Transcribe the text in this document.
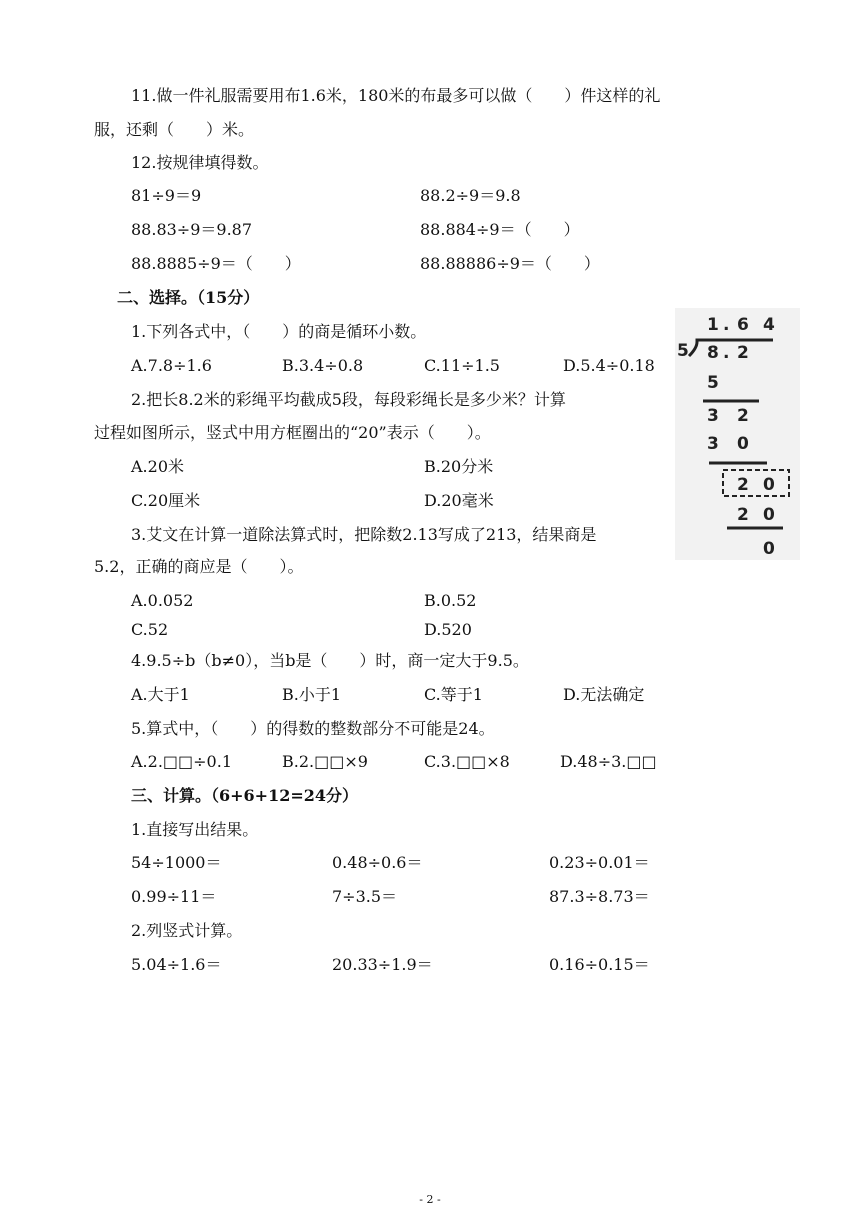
11.做一件礼服需要用布1.6米，180米的布最多可以做（　　）件这样的礼
服，还剩（　　）米。
12.按规律填得数。
81÷9＝9	88.2÷9＝9.8
88.83÷9＝9.87	88.884÷9＝（　　）
88.8885÷9＝（　　）	88.88886÷9＝（　　）
二、选择。（15分）
1.下列各式中，（　　）的商是循环小数。
A.7.8÷1.6	B.3.4÷0.8	C.11÷1.5	D.5.4÷0.18
2.把长8.2米的彩绳平均截成5段，每段彩绳长是多少米？计算
过程如图所示，竖式中用方框圈出的“20”表示（　　）。
A.20米	B.20分米
C.20厘米	D.20毫米
3.艾文在计算一道除法算式时，把除数2.13写成了213，结果商是
5.2，正确的商应是（　　）。
A.0.052	B.0.52
C.52	D.520
4.9.5÷b（b≠0），当b是（　　）时，商一定大于9.5。
A.大于1	B.小于1	C.等于1	D.无法确定
5.算式中，（　　）的得数的整数部分不可能是24。
A.2.□□÷0.1	B.2.□□×9	C.3.□□×8	D.48÷3.□□
三、计算。（6+6+12=24分）
1.直接写出结果。
54÷1000＝	0.48÷0.6＝	0.23÷0.01＝
0.99÷11＝	7÷3.5＝	87.3÷8.73＝
2.列竖式计算。
5.04÷1.6＝	20.33÷1.9＝	0.16÷0.15＝
1 . 6 4
5 8 . 2
5
3 2
3 0
2 0
2 0
0
- 2 -
